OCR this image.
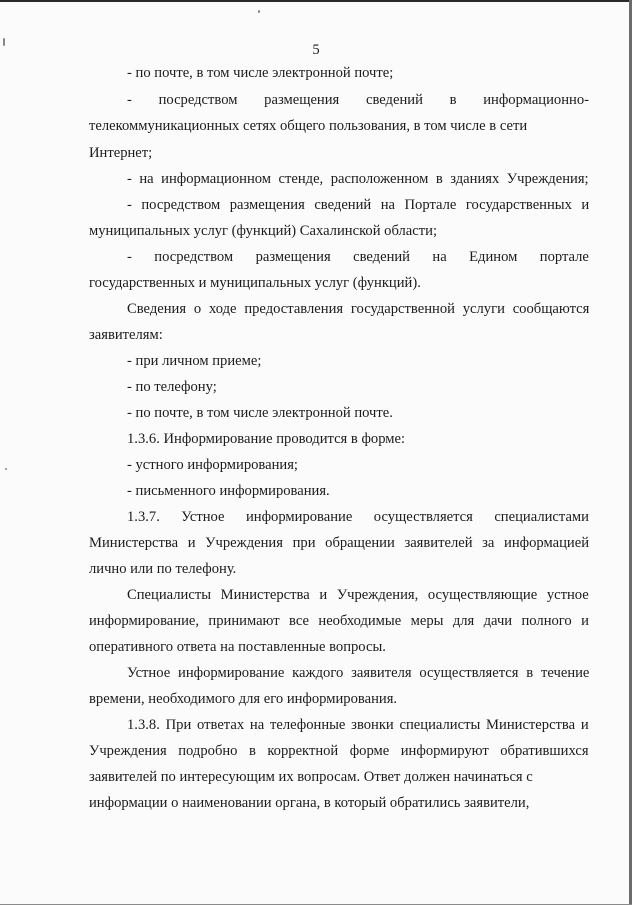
5
- по почте, в том числе электронной почте;
- посредством размещения сведений в информационно-
телекоммуникационных сетях общего пользования, в том числе в сети
Интернет;
- на информационном стенде, расположенном в зданиях Учреждения;
- посредством размещения сведений на Портале государственных и
муниципальных услуг (функций) Сахалинской области;
- посредством размещения сведений на Едином портале
государственных и муниципальных услуг (функций).
Сведения о ходе предоставления государственной услуги сообщаются
заявителям:
- при личном приеме;
- по телефону;
- по почте, в том числе электронной почте.
1.3.6. Информирование проводится в форме:
- устного информирования;
- письменного информирования.
1.3.7. Устное информирование осуществляется специалистами
Министерства и Учреждения при обращении заявителей за информацией
лично или по телефону.
Специалисты Министерства и Учреждения, осуществляющие устное
информирование, принимают все необходимые меры для дачи полного и
оперативного ответа на поставленные вопросы.
Устное информирование каждого заявителя осуществляется в течение
времени, необходимого для его информирования.
1.3.8. При ответах на телефонные звонки специалисты Министерства и
Учреждения подробно в корректной форме информируют обратившихся
заявителей по интересующим их вопросам. Ответ должен начинаться с
информации о наименовании органа, в который обратились заявители,
